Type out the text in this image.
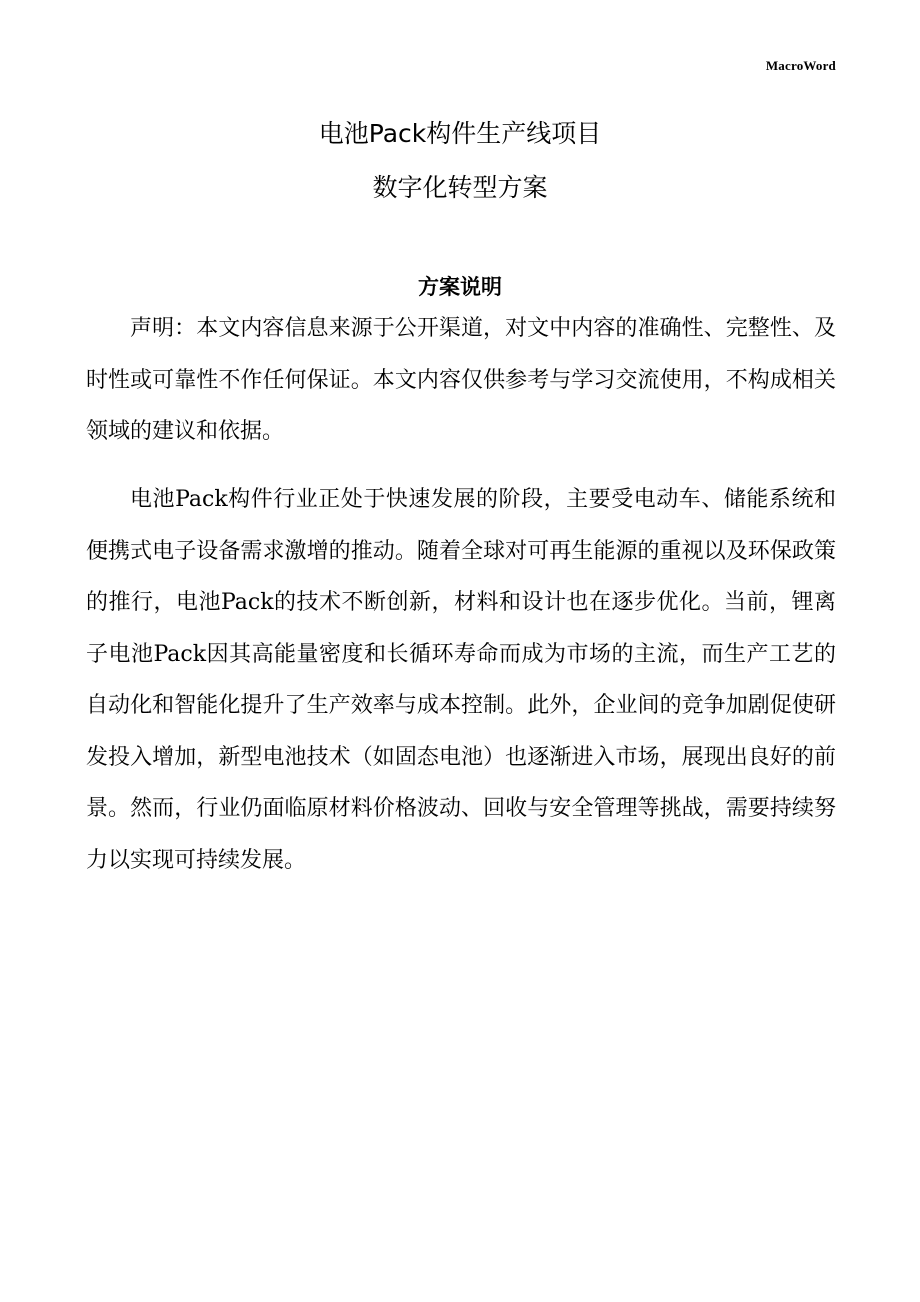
MacroWord
电池Pack构件生产线项目
数字化转型方案
方案说明

声明：本文内容信息来源于公开渠道，对文中内容的准确性、完整性、及时性或可靠性不作任何保证。本文内容仅供参考与学习交流使用，不构成相关领域的建议和依据。

电池Pack构件行业正处于快速发展的阶段，主要受电动车、储能系统和便携式电子设备需求激增的推动。随着全球对可再生能源的重视以及环保政策的推行，电池Pack的技术不断创新，材料和设计也在逐步优化。当前，锂离子电池Pack因其高能量密度和长循环寿命而成为市场的主流，而生产工艺的自动化和智能化提升了生产效率与成本控制。此外，企业间的竞争加剧促使研发投入增加，新型电池技术（如固态电池）也逐渐进入市场，展现出良好的前景。然而，行业仍面临原材料价格波动、回收与安全管理等挑战，需要持续努力以实现可持续发展。
